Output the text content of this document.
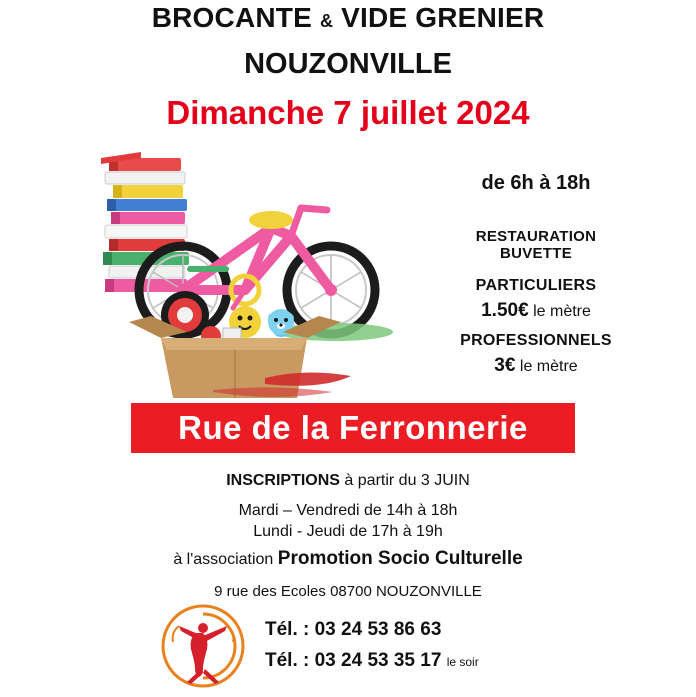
BROCANTE & VIDE GRENIER
NOUZONVILLE
Dimanche 7 juillet 2024
de 6h à 18h
RESTAURATION
BUVETTE
PARTICULIERS
1.50€ le mètre
PROFESSIONNELS
3€ le mètre
Rue de la Ferronnerie
INSCRIPTIONS à partir du 3 JUIN
Mardi – Vendredi de 14h à 18h
Lundi - Jeudi de 17h à 19h
à l'association Promotion Socio Culturelle
9 rue des Ecoles 08700 NOUZONVILLE
Tél. : 03 24 53 86 63
Tél. : 03 24 53 35 17 le soir
